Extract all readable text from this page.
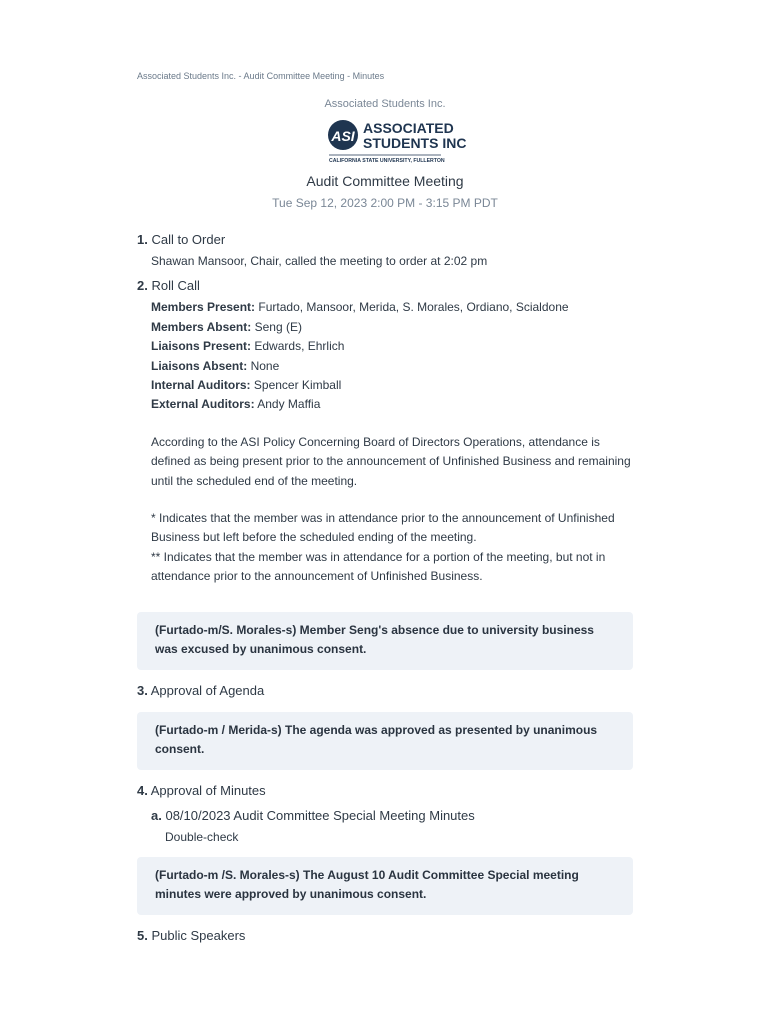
Associated Students Inc. - Audit Committee Meeting - Minutes
Associated Students Inc.
ASI ASSOCIATED
STUDENTS INC
CALIFORNIA STATE UNIVERSITY, FULLERTON
Audit Committee Meeting
Tue Sep 12, 2023 2:00 PM - 3:15 PM PDT
1. Call to Order
Shawan Mansoor, Chair, called the meeting to order at 2:02 pm
2. Roll Call
Members Present: Furtado, Mansoor, Merida, S. Morales, Ordiano, Scialdone
Members Absent: Seng (E)
Liaisons Present: Edwards, Ehrlich
Liaisons Absent: None
Internal Auditors: Spencer Kimball
External Auditors: Andy Maffia
According to the ASI Policy Concerning Board of Directors Operations, attendance is defined as being present prior to the announcement of Unfinished Business and remaining until the scheduled end of the meeting.
* Indicates that the member was in attendance prior to the announcement of Unfinished Business but left before the scheduled ending of the meeting.
** Indicates that the member was in attendance for a portion of the meeting, but not in attendance prior to the announcement of Unfinished Business.
(Furtado-m/S. Morales-s) Member Seng's absence due to university business was excused by unanimous consent.
3. Approval of Agenda
(Furtado-m / Merida-s) The agenda was approved as presented by unanimous consent.
4. Approval of Minutes
a. 08/10/2023 Audit Committee Special Meeting Minutes
Double-check
(Furtado-m /S. Morales-s) The August 10 Audit Committee Special meeting minutes were approved by unanimous consent.
5. Public Speakers
